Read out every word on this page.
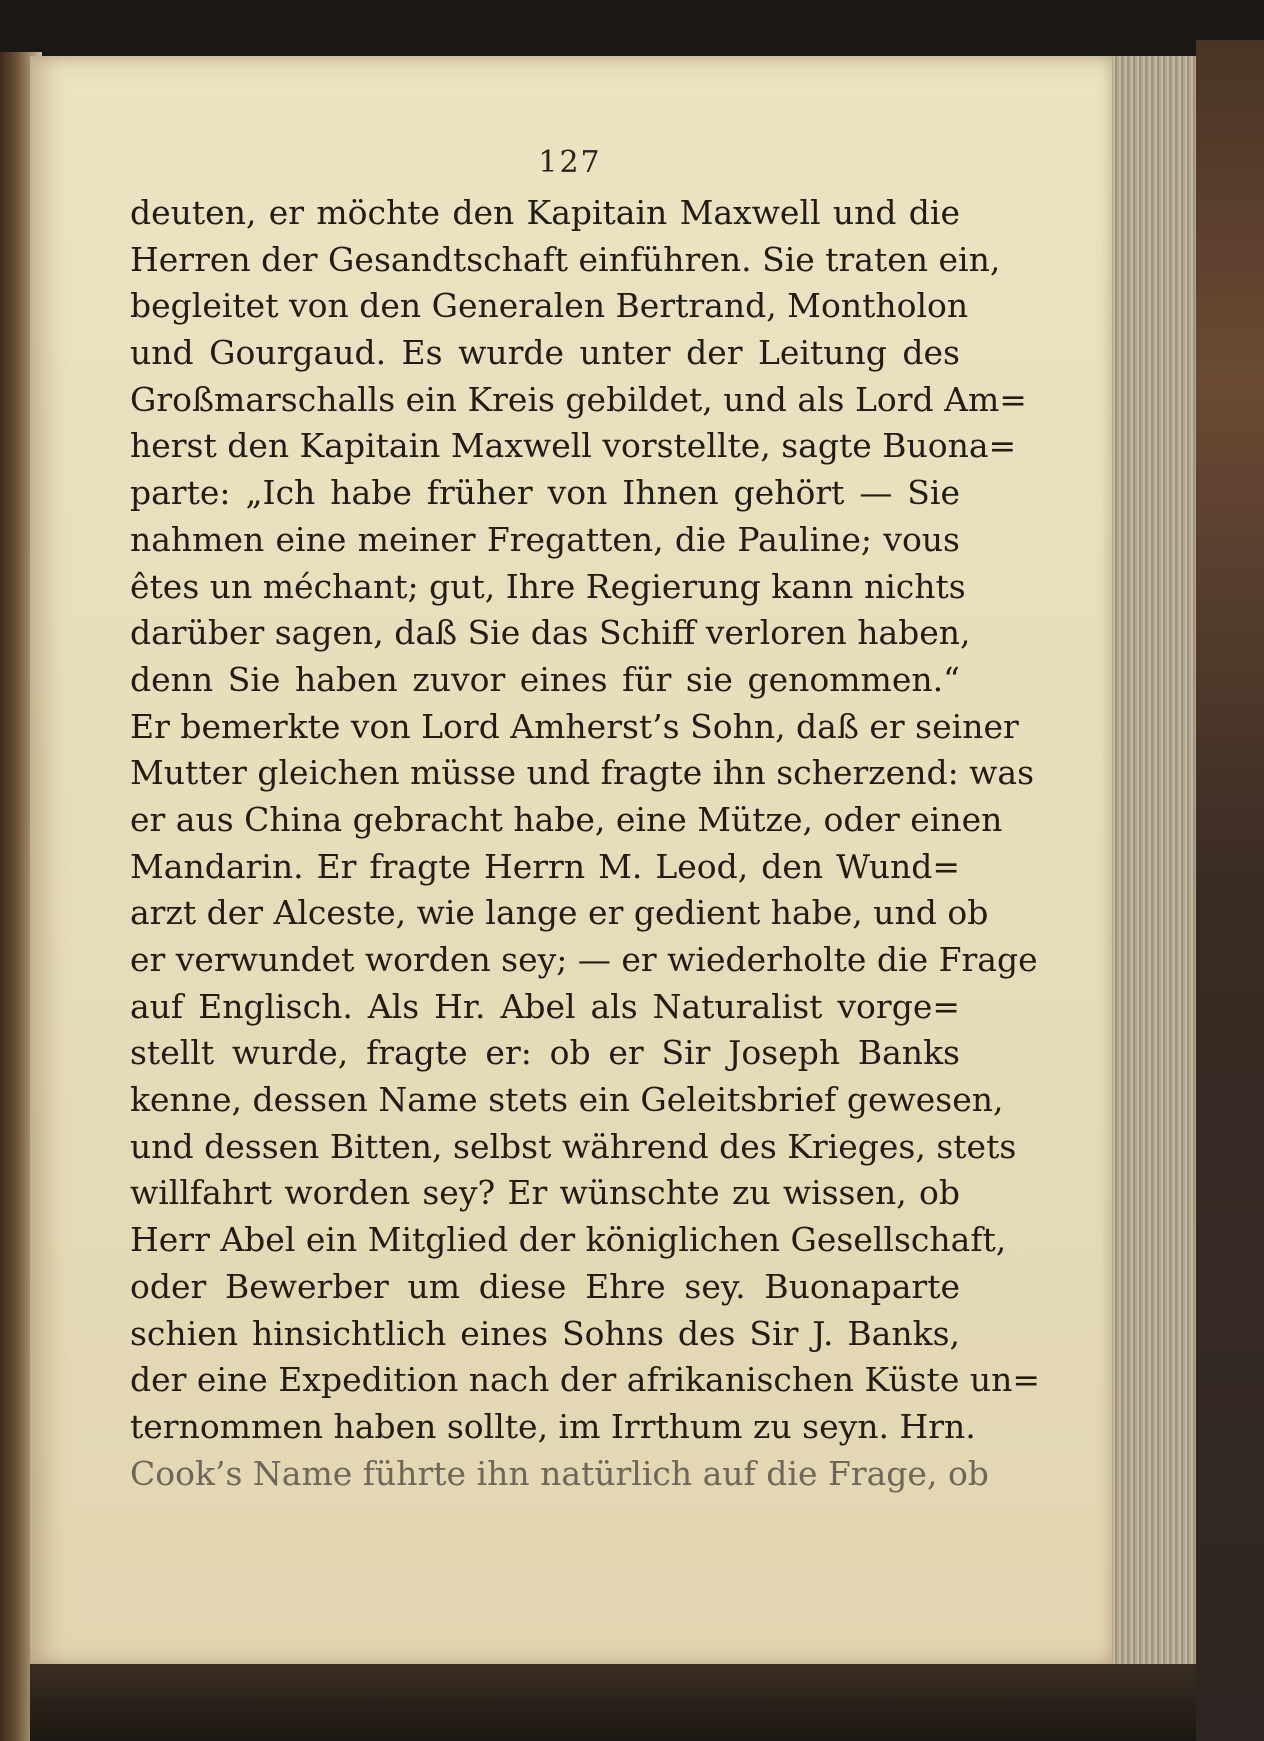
127
deuten, er möchte den Kapitain Maxwell und die
Herren der Gesandtschaft einführen. Sie traten ein,
begleitet von den Generalen Bertrand, Montholon
und Gourgaud. Es wurde unter der Leitung des
Großmarschalls ein Kreis gebildet, und als Lord Am=
herst den Kapitain Maxwell vorstellte, sagte Buona=
parte: „Ich habe früher von Ihnen gehört — Sie
nahmen eine meiner Fregatten, die Pauline; vous
êtes un méchant; gut, Ihre Regierung kann nichts
darüber sagen, daß Sie das Schiff verloren haben,
denn Sie haben zuvor eines für sie genommen.“
Er bemerkte von Lord Amherst’s Sohn, daß er seiner
Mutter gleichen müsse und fragte ihn scherzend: was
er aus China gebracht habe, eine Mütze, oder einen
Mandarin. Er fragte Herrn M. Leod, den Wund=
arzt der Alceste, wie lange er gedient habe, und ob
er verwundet worden sey; — er wiederholte die Frage
auf Englisch. Als Hr. Abel als Naturalist vorge=
stellt wurde, fragte er: ob er Sir Joseph Banks
kenne, dessen Name stets ein Geleitsbrief gewesen,
und dessen Bitten, selbst während des Krieges, stets
willfahrt worden sey? Er wünschte zu wissen, ob
Herr Abel ein Mitglied der königlichen Gesellschaft,
oder Bewerber um diese Ehre sey. Buonaparte
schien hinsichtlich eines Sohns des Sir J. Banks,
der eine Expedition nach der afrikanischen Küste un=
ternommen haben sollte, im Irrthum zu seyn. Hrn.
Cook’s Name führte ihn natürlich auf die Frage, ob
